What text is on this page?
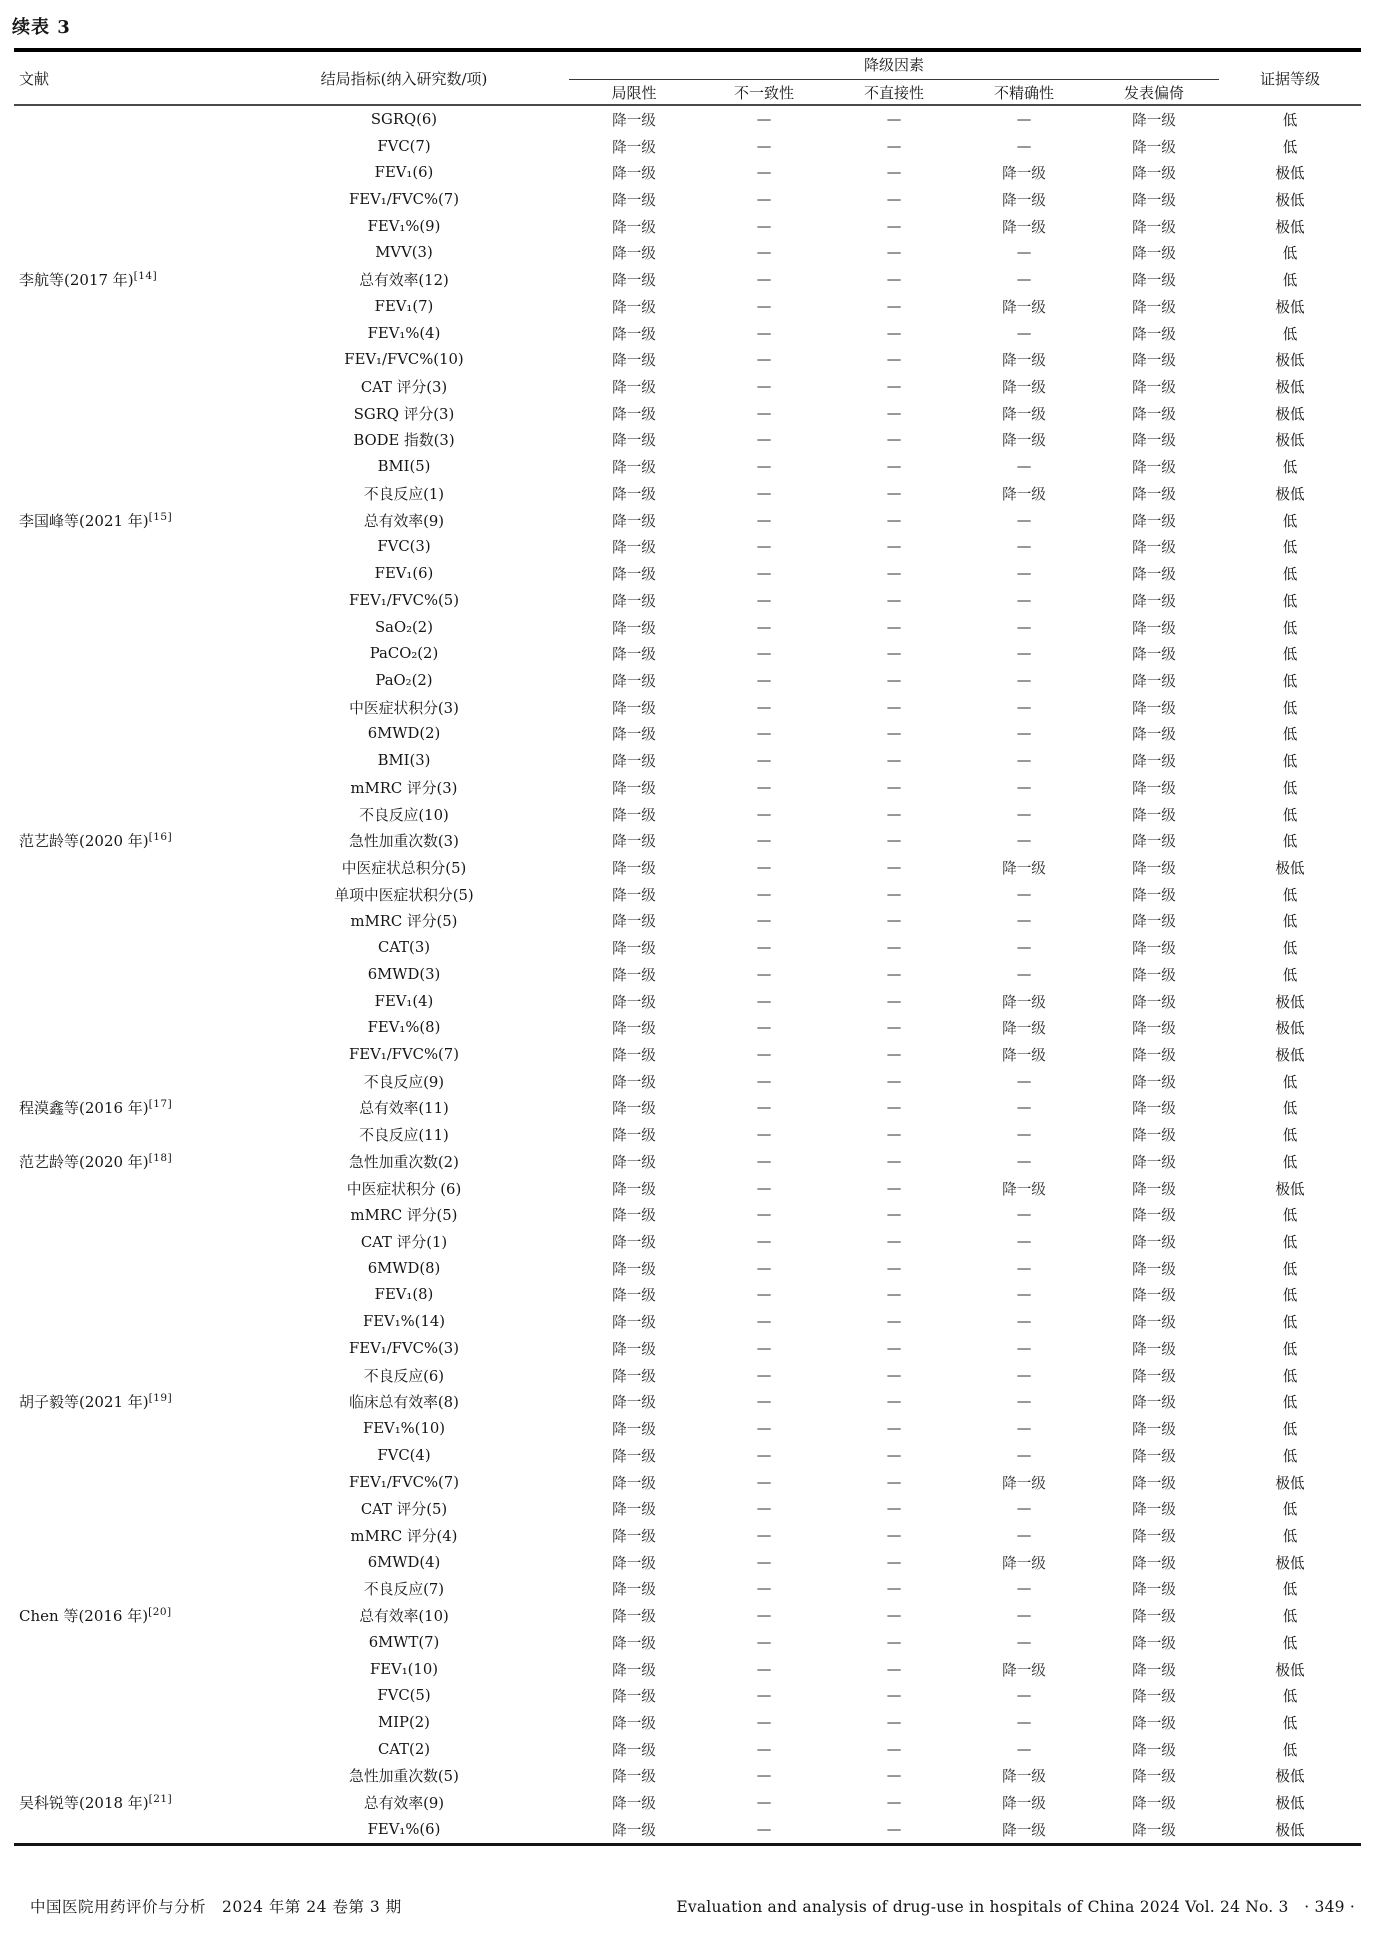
续表 3
文献	结局指标(纳入研究数/项)	降级因素					证据等级
		局限性	不一致性	不直接性	不精确性	发表偏倚	
	SGRQ(6)	降一级	—	—	—	降一级	低
	FVC(7)	降一级	—	—	—	降一级	低
	FEV₁(6)	降一级	—	—	降一级	降一级	极低
	FEV₁/FVC%(7)	降一级	—	—	降一级	降一级	极低
	FEV₁%(9)	降一级	—	—	降一级	降一级	极低
	MVV(3)	降一级	—	—	—	降一级	低
李航等(2017 年)[14]	总有效率(12)	降一级	—	—	—	降一级	低
	FEV₁(7)	降一级	—	—	降一级	降一级	极低
	FEV₁%(4)	降一级	—	—	—	降一级	低
	FEV₁/FVC%(10)	降一级	—	—	降一级	降一级	极低
	CAT 评分(3)	降一级	—	—	降一级	降一级	极低
	SGRQ 评分(3)	降一级	—	—	降一级	降一级	极低
	BODE 指数(3)	降一级	—	—	降一级	降一级	极低
	BMI(5)	降一级	—	—	—	降一级	低
	不良反应(1)	降一级	—	—	降一级	降一级	极低
李国峰等(2021 年)[15]	总有效率(9)	降一级	—	—	—	降一级	低
	FVC(3)	降一级	—	—	—	降一级	低
	FEV₁(6)	降一级	—	—	—	降一级	低
	FEV₁/FVC%(5)	降一级	—	—	—	降一级	低
	SaO₂(2)	降一级	—	—	—	降一级	低
	PaCO₂(2)	降一级	—	—	—	降一级	低
	PaO₂(2)	降一级	—	—	—	降一级	低
	中医症状积分(3)	降一级	—	—	—	降一级	低
	6MWD(2)	降一级	—	—	—	降一级	低
	BMI(3)	降一级	—	—	—	降一级	低
	mMRC 评分(3)	降一级	—	—	—	降一级	低
	不良反应(10)	降一级	—	—	—	降一级	低
范艺龄等(2020 年)[16]	急性加重次数(3)	降一级	—	—	—	降一级	低
	中医症状总积分(5)	降一级	—	—	降一级	降一级	极低
	单项中医症状积分(5)	降一级	—	—	—	降一级	低
	mMRC 评分(5)	降一级	—	—	—	降一级	低
	CAT(3)	降一级	—	—	—	降一级	低
	6MWD(3)	降一级	—	—	—	降一级	低
	FEV₁(4)	降一级	—	—	降一级	降一级	极低
	FEV₁%(8)	降一级	—	—	降一级	降一级	极低
	FEV₁/FVC%(7)	降一级	—	—	降一级	降一级	极低
	不良反应(9)	降一级	—	—	—	降一级	低
程漠鑫等(2016 年)[17]	总有效率(11)	降一级	—	—	—	降一级	低
	不良反应(11)	降一级	—	—	—	降一级	低
范艺龄等(2020 年)[18]	急性加重次数(2)	降一级	—	—	—	降一级	低
	中医症状积分 (6)	降一级	—	—	降一级	降一级	极低
	mMRC 评分(5)	降一级	—	—	—	降一级	低
	CAT 评分(1)	降一级	—	—	—	降一级	低
	6MWD(8)	降一级	—	—	—	降一级	低
	FEV₁(8)	降一级	—	—	—	降一级	低
	FEV₁%(14)	降一级	—	—	—	降一级	低
	FEV₁/FVC%(3)	降一级	—	—	—	降一级	低
	不良反应(6)	降一级	—	—	—	降一级	低
胡子毅等(2021 年)[19]	临床总有效率(8)	降一级	—	—	—	降一级	低
	FEV₁%(10)	降一级	—	—	—	降一级	低
	FVC(4)	降一级	—	—	—	降一级	低
	FEV₁/FVC%(7)	降一级	—	—	降一级	降一级	极低
	CAT 评分(5)	降一级	—	—	—	降一级	低
	mMRC 评分(4)	降一级	—	—	—	降一级	低
	6MWD(4)	降一级	—	—	降一级	降一级	极低
	不良反应(7)	降一级	—	—	—	降一级	低
Chen 等(2016 年)[20]	总有效率(10)	降一级	—	—	—	降一级	低
	6MWT(7)	降一级	—	—	—	降一级	低
	FEV₁(10)	降一级	—	—	降一级	降一级	极低
	FVC(5)	降一级	—	—	—	降一级	低
	MIP(2)	降一级	—	—	—	降一级	低
	CAT(2)	降一级	—	—	—	降一级	低
	急性加重次数(5)	降一级	—	—	降一级	降一级	极低
吴科锐等(2018 年)[21]	总有效率(9)	降一级	—	—	降一级	降一级	极低
	FEV₁%(6)	降一级	—	—	降一级	降一级	极低
中国医院用药评价与分析　2024 年第 24 卷第 3 期	Evaluation and analysis of drug-use in hospitals of China 2024 Vol. 24 No. 3　· 349 ·
